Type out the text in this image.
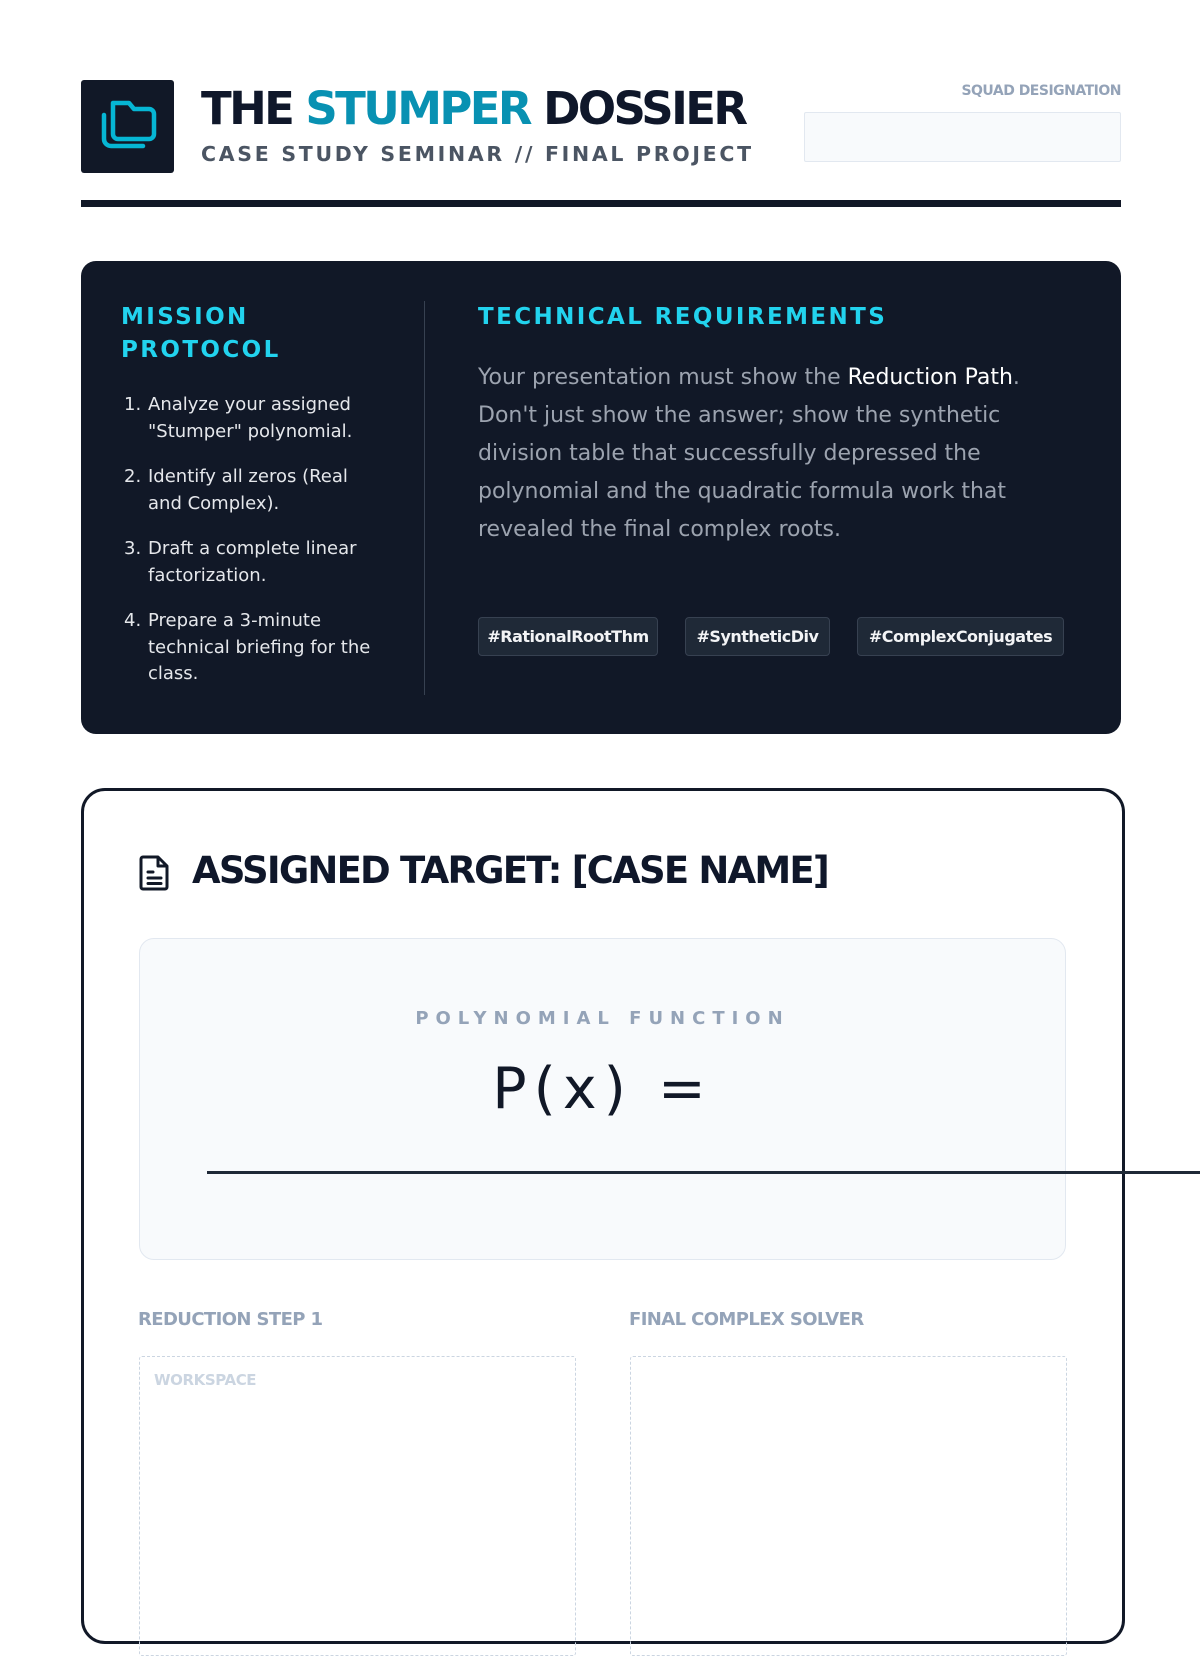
THE STUMPER DOSSIER
CASE STUDY SEMINAR // FINAL PROJECT
SQUAD DESIGNATION
MISSION
PROTOCOL
1. Analyze your assigned "Stumper" polynomial.
2. Identify all zeros (Real and Complex).
3. Draft a complete linear factorization.
4. Prepare a 3-minute technical briefing for the class.
TECHNICAL REQUIREMENTS

Your presentation must show the Reduction Path. Don't just show the answer; show the synthetic division table that successfully depressed the polynomial and the quadratic formula work that revealed the final complex roots.

#RationalRootThm	#SyntheticDiv	#ComplexConjugates
ASSIGNED TARGET: [CASE NAME]
POLYNOMIAL FUNCTION
P(x) =
REDUCTION STEP 1	FINAL COMPLEX SOLVER
WORKSPACE
